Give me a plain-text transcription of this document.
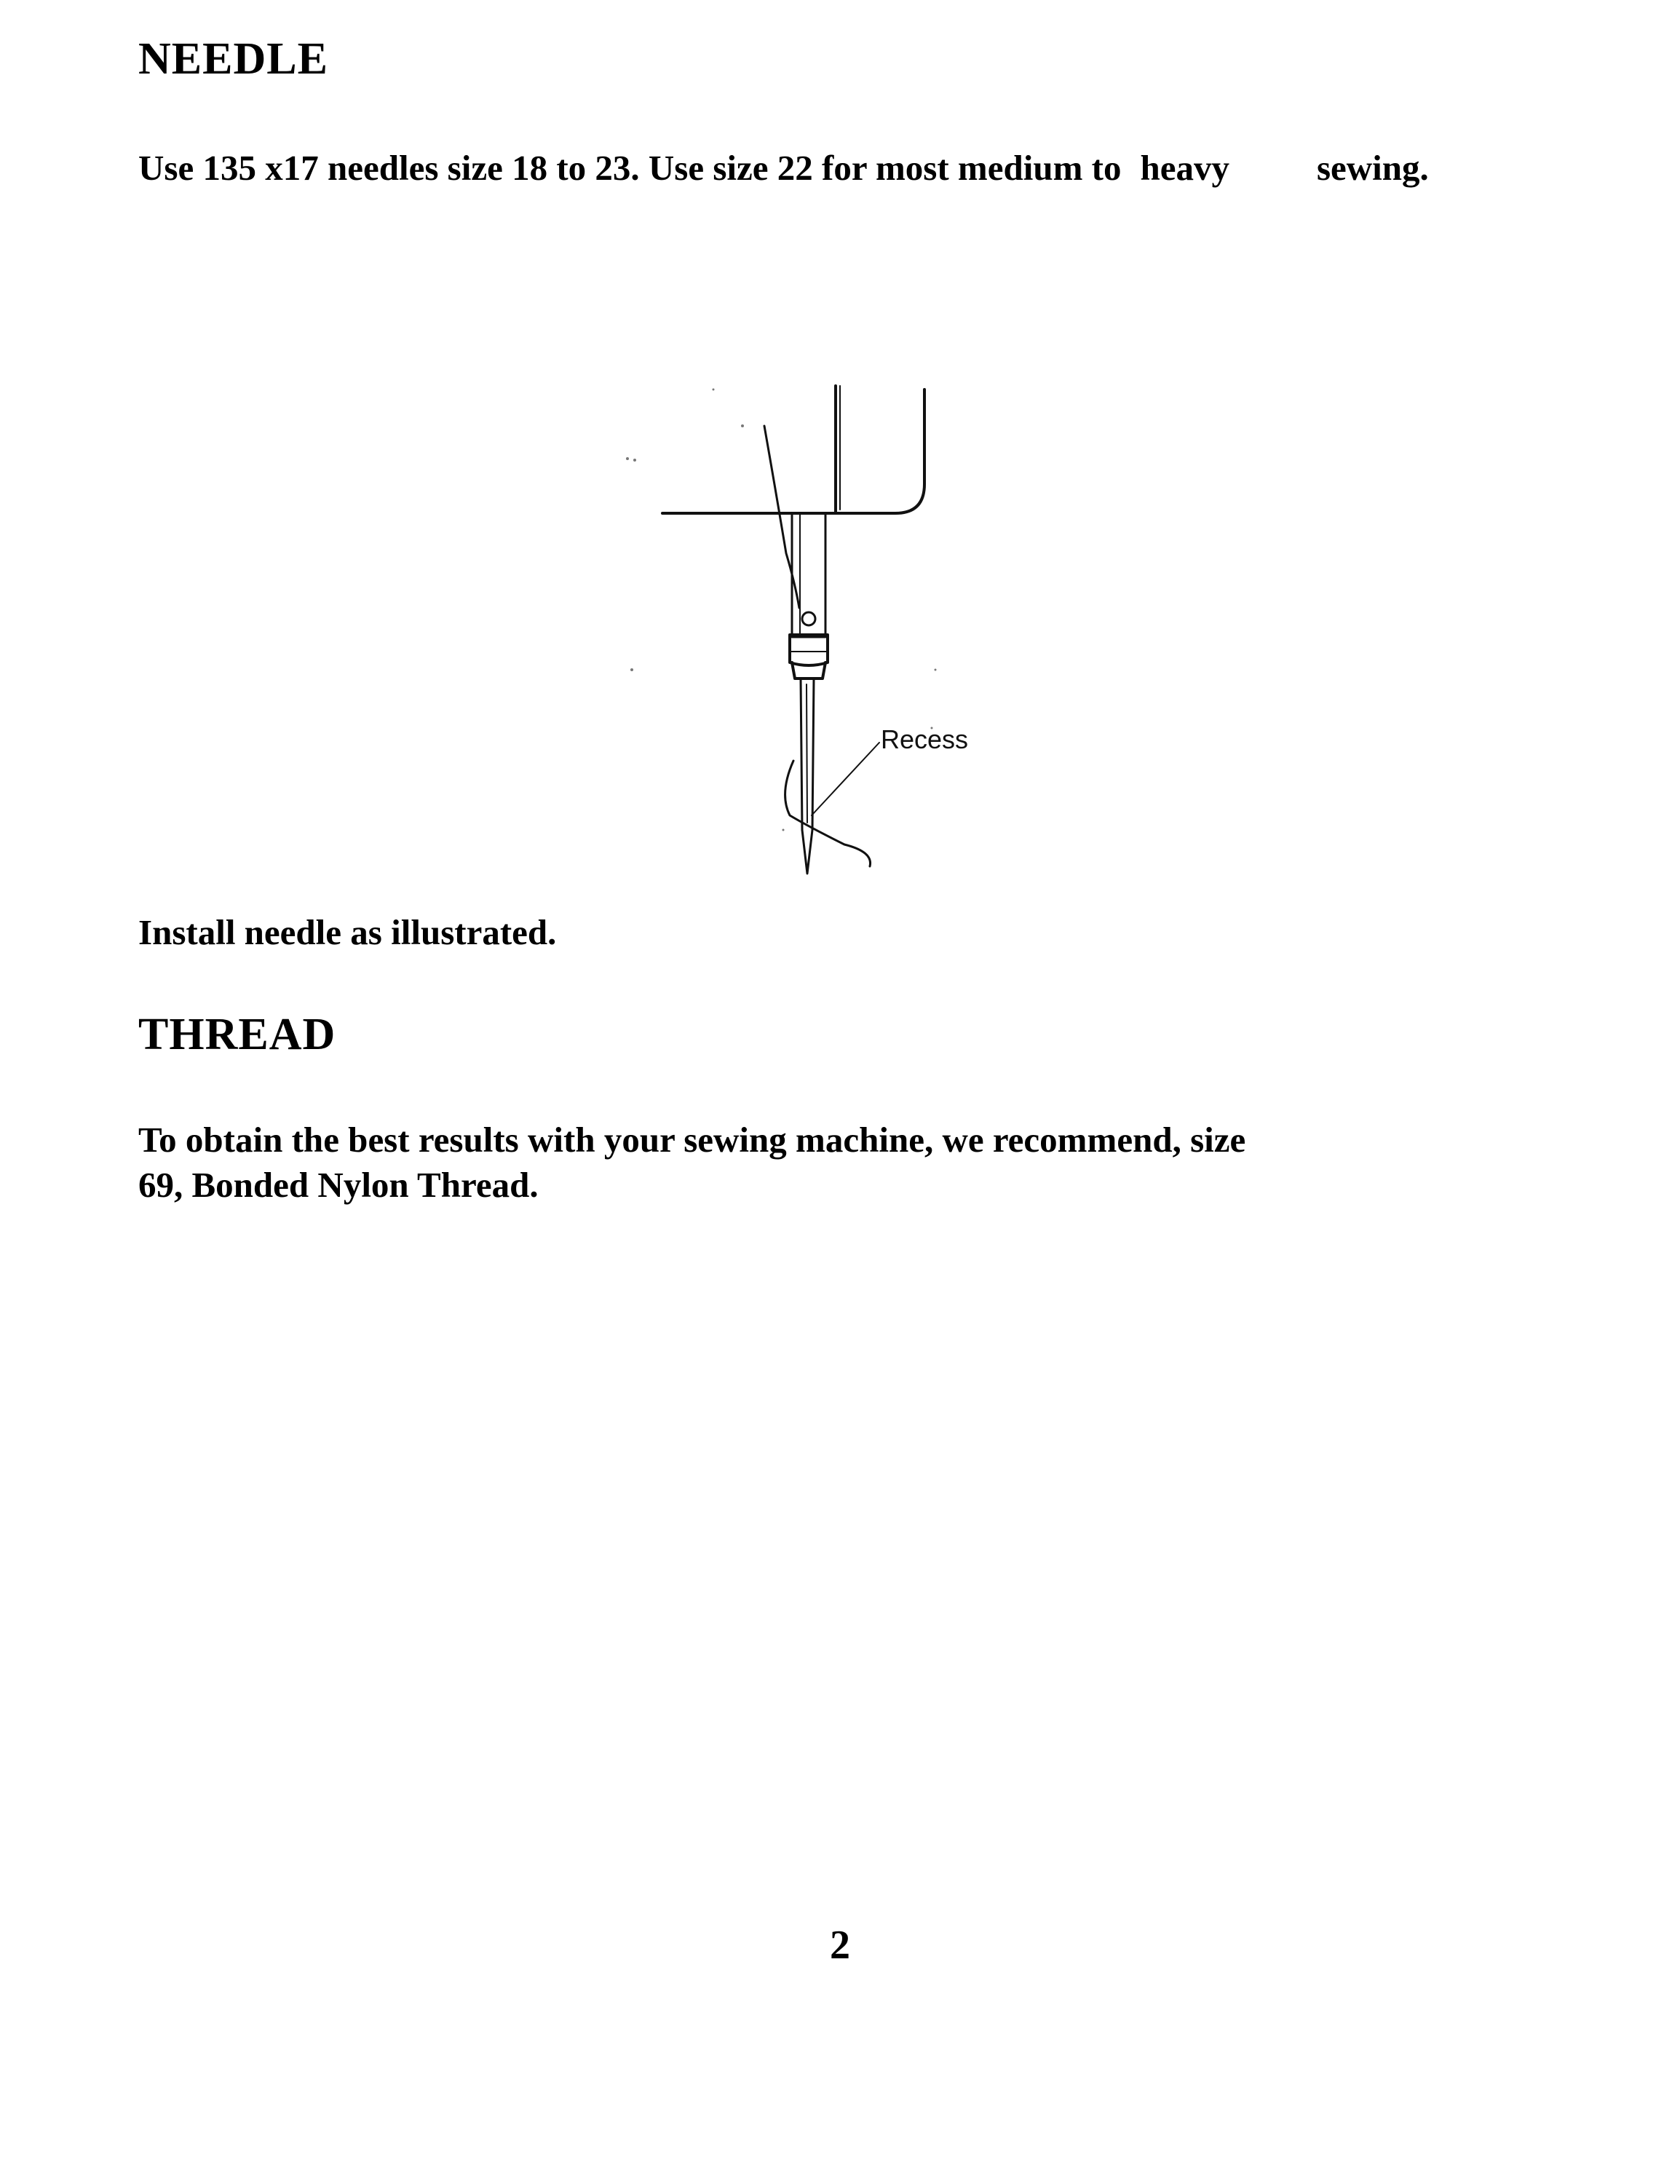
NEEDLE

Use 135 x17 needles size 18 to 23. Use size 22 for most medium to heavy sewing.

Recess

Install needle as illustrated.

THREAD

To obtain the best results with your sewing machine, we recommend, size
69, Bonded Nylon Thread.

2
